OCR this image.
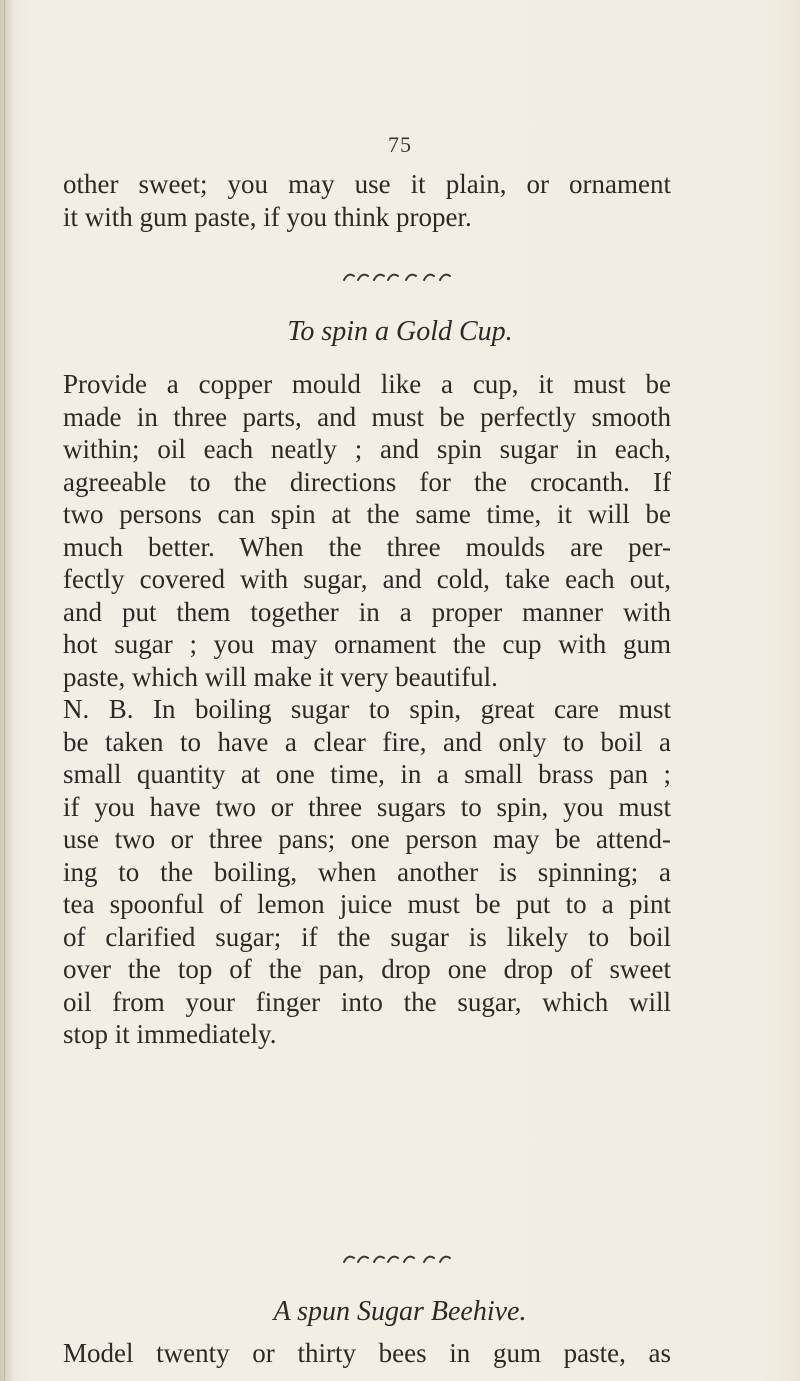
75
other sweet; you may use it plain, or ornament
it with gum paste, if you think proper.
To spin a Gold Cup.
Provide a copper mould like a cup, it must be
made in three parts, and must be perfectly smooth
within; oil each neatly ; and spin sugar in each,
agreeable to the directions for the crocanth. If
two persons can spin at the same time, it will be
much better. When the three moulds are per-
fectly covered with sugar, and cold, take each out,
and put them together in a proper manner with
hot sugar ; you may ornament the cup with gum
paste, which will make it very beautiful.
N. B. In boiling sugar to spin, great care must
be taken to have a clear fire, and only to boil a
small quantity at one time, in a small brass pan ;
if you have two or three sugars to spin, you must
use two or three pans; one person may be attend-
ing to the boiling, when another is spinning; a
tea spoonful of lemon juice must be put to a pint
of clarified sugar; if the sugar is likely to boil
over the top of the pan, drop one drop of sweet
oil from your finger into the sugar, which will
stop it immediately.
A spun Sugar Beehive.
Model twenty or thirty bees in gum paste, as
